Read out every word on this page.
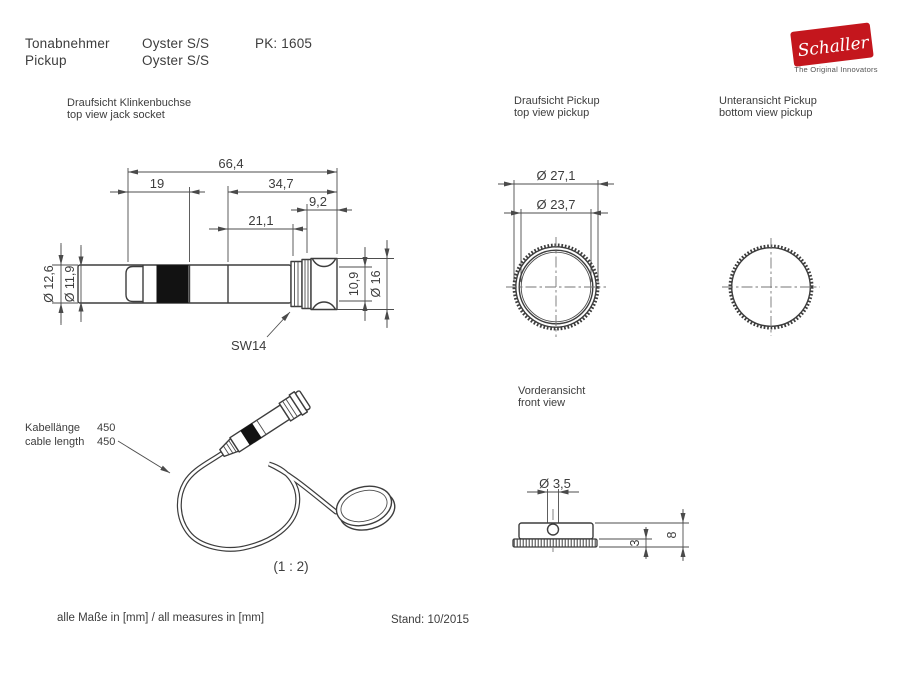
Tonabnehmer
Pickup
Oyster S/S
Oyster S/S
PK: 1605	Schaller
The Original Innovators
Draufsicht Klinkenbuchse
top view jack socket
Draufsicht Pickup
top view pickup
Unteransicht Pickup
bottom view pickup
Vorderansicht
front view
66,4
19	34,7
9,2
21,1
Ø 12,6 Ø 11,9	10,9 Ø 16
SW14
Ø 27,1
Ø 23,7
Ø 3,5
3
8
Kabellänge 450
cable length 450
(1 : 2)
alle Maße in [mm] / all measures in [mm]	Stand: 10/2015
